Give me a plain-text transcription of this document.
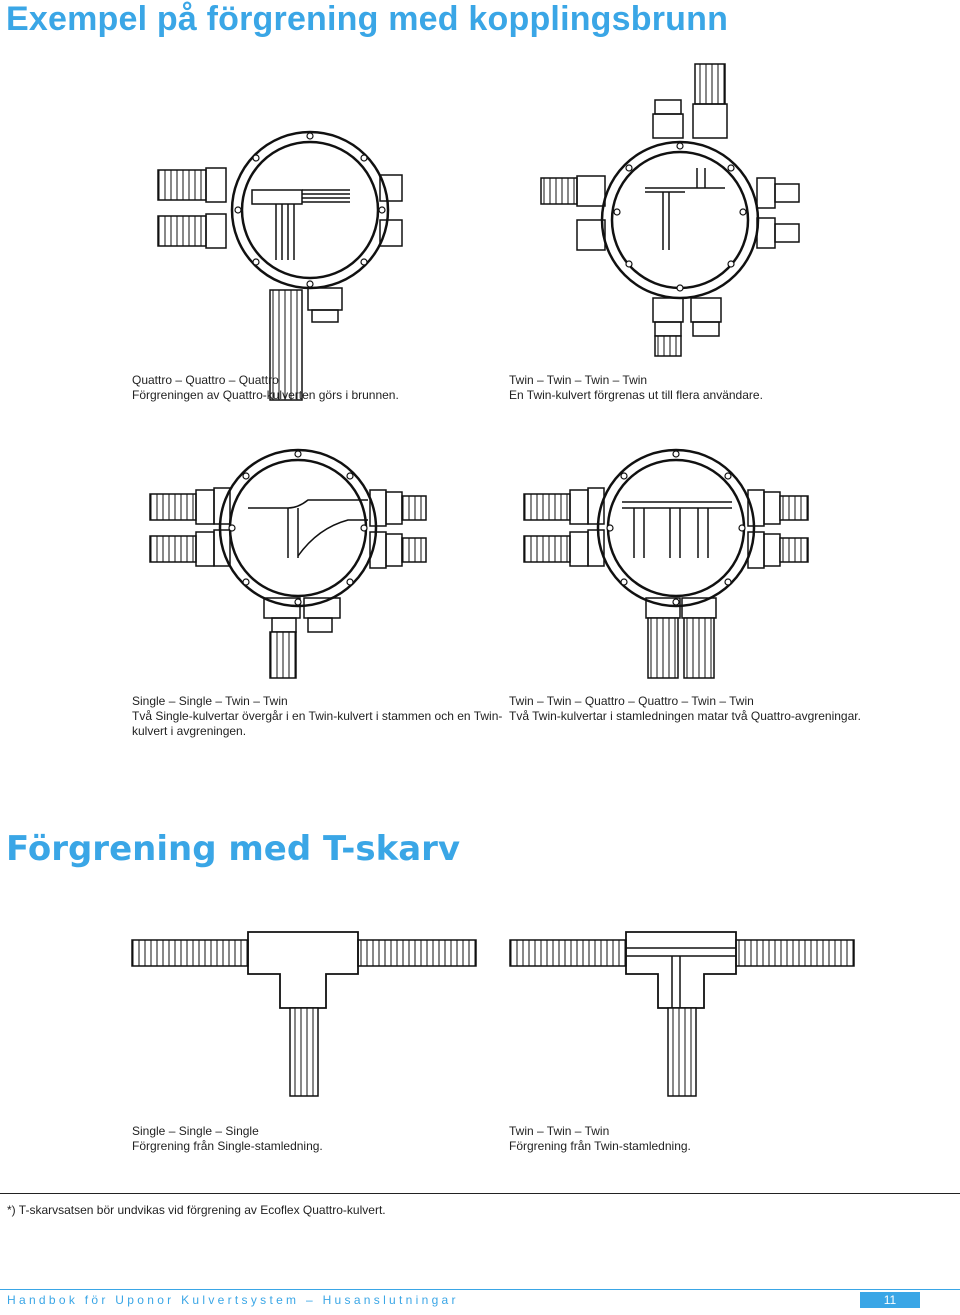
Exempel på förgrening med kopplingsbrunn
Quattro – Quattro – Quattro
Förgreningen av Quattro-kulverten görs i brunnen.
Twin – Twin – Twin – Twin
En Twin-kulvert förgrenas ut till flera användare.
Single – Single – Twin – Twin
Två Single-kulvertar övergår i en Twin-kulvert i stammen och en Twin-
kulvert i avgreningen.
Twin – Twin – Quattro – Quattro – Twin – Twin
Två Twin-kulvertar i stamledningen matar två Quattro-avgreningar.
Förgrening med T-skarv
Single – Single – Single
Förgrening från Single-stamledning.
Twin – Twin – Twin
Förgrening från Twin-stamledning.
*) T-skarvsatsen bör undvikas vid förgrening av Ecoflex Quattro-kulvert.
Handbok för Uponor Kulvertsystem – Husanslutningar	11
